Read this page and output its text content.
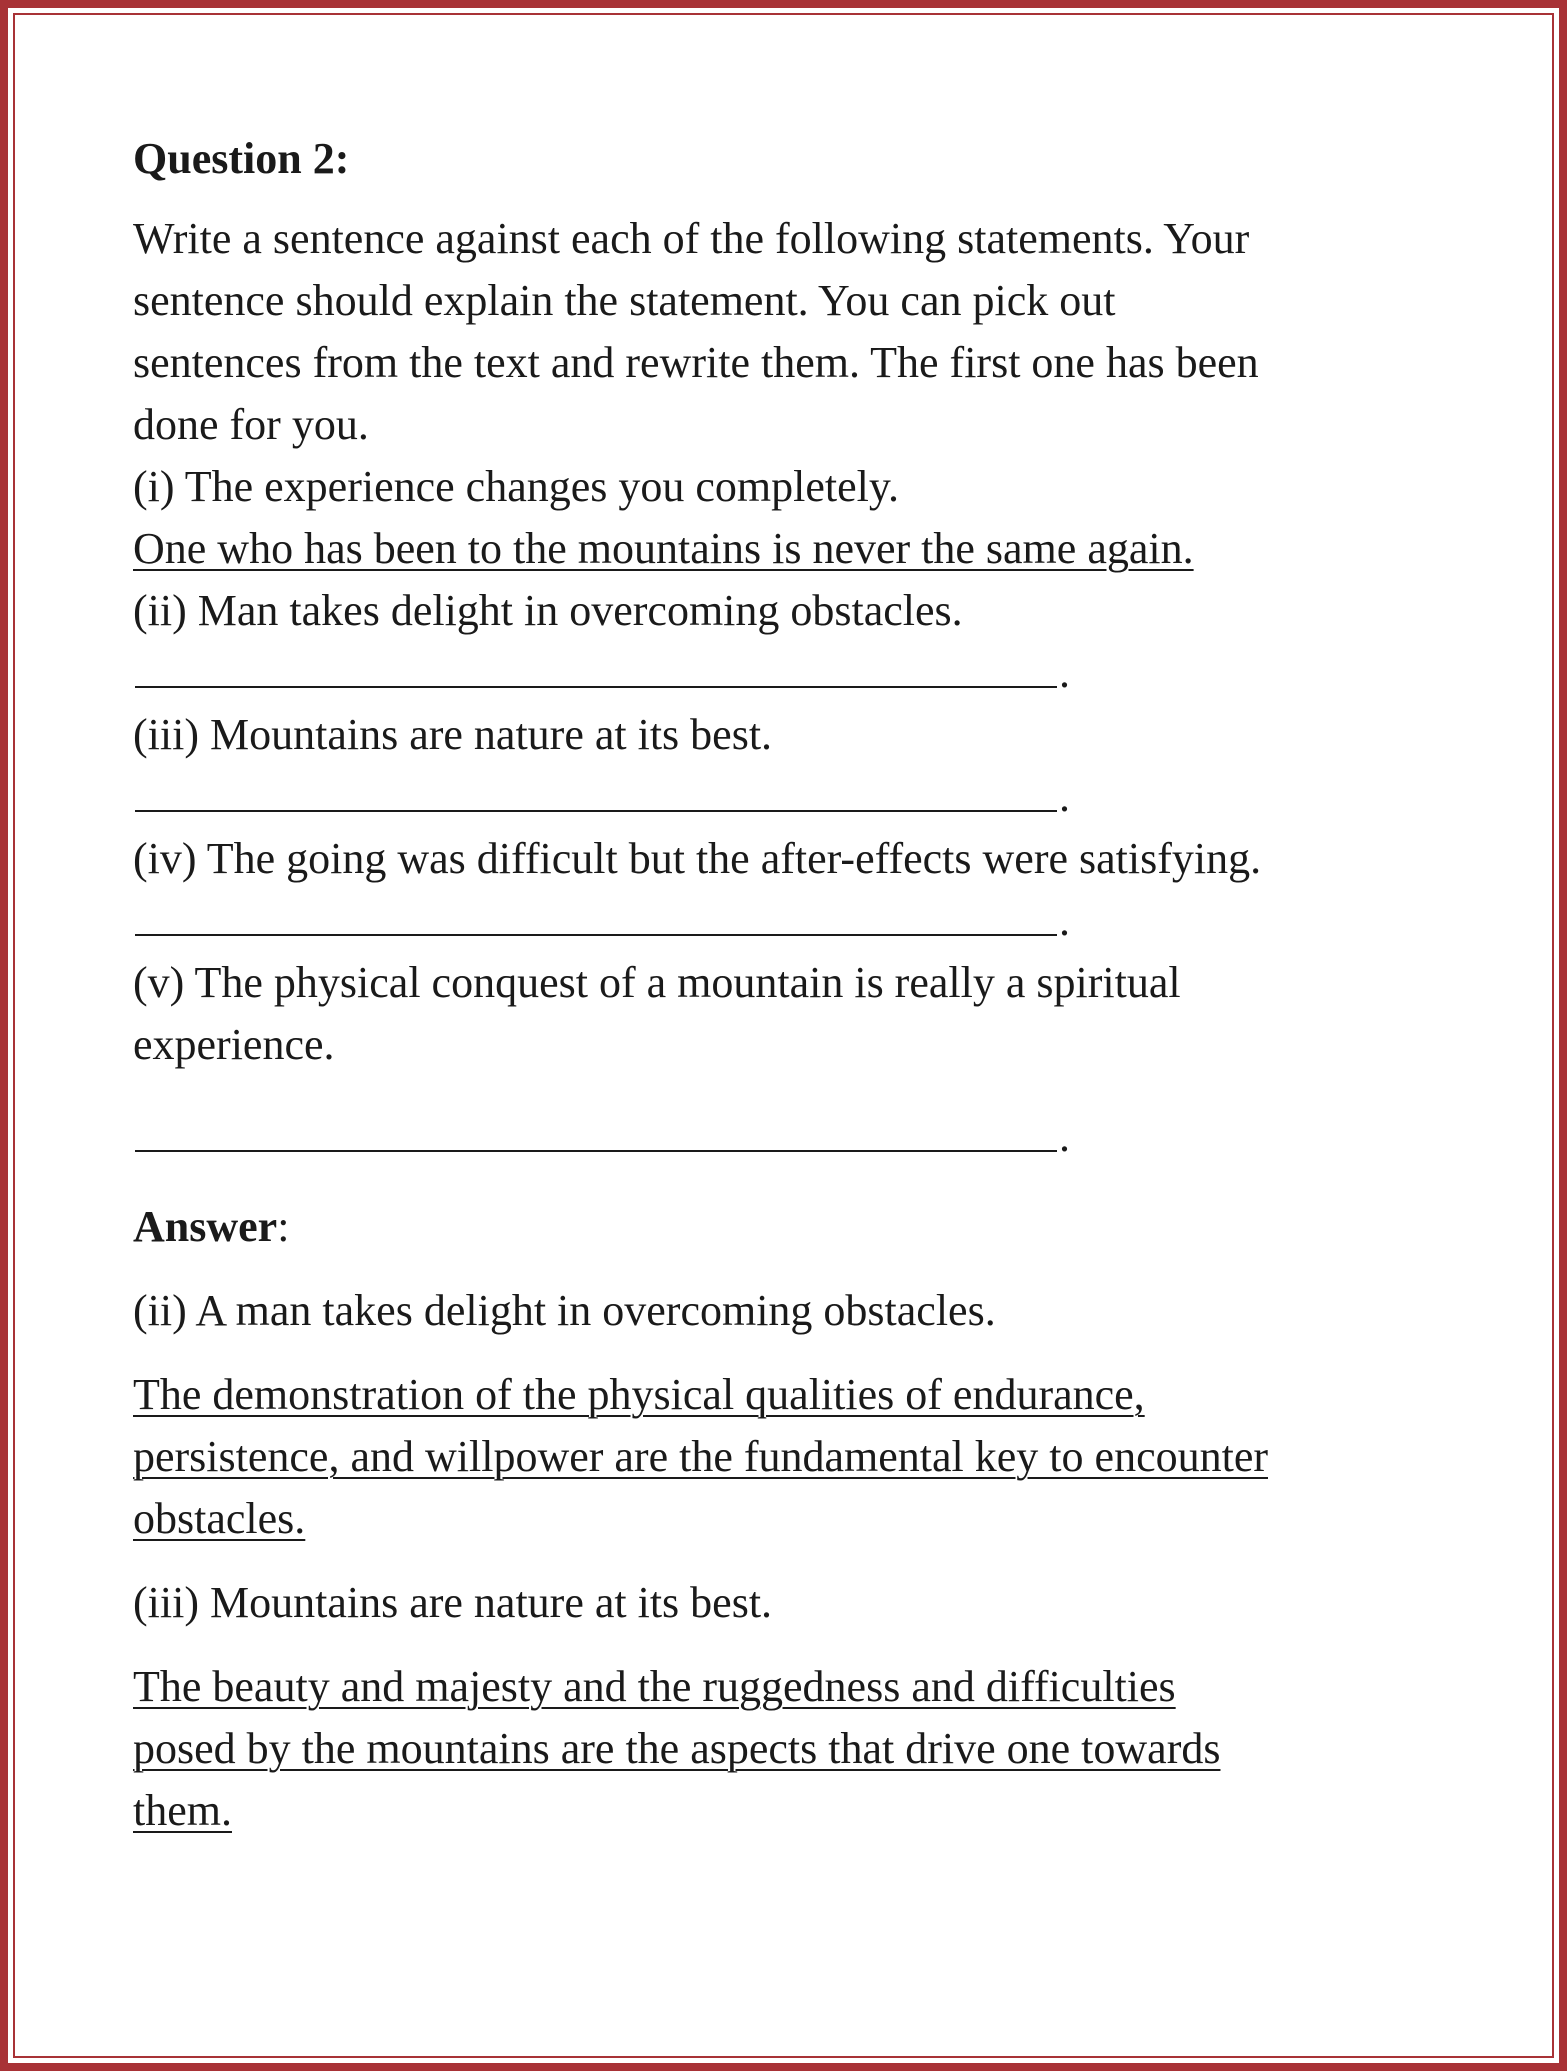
Question 2:
Write a sentence against each of the following statements. Your
sentence should explain the statement. You can pick out
sentences from the text and rewrite them. The first one has been
done for you.
(i) The experience changes you completely.
One who has been to the mountains is never the same again.
(ii) Man takes delight in overcoming obstacles.
.
(iii) Mountains are nature at its best.
.
(iv) The going was difficult but the after-effects were satisfying.
.
(v) The physical conquest of a mountain is really a spiritual
experience.
.
Answer:
(ii) A man takes delight in overcoming obstacles.
The demonstration of the physical qualities of endurance,
persistence, and willpower are the fundamental key to encounter
obstacles.
(iii) Mountains are nature at its best.
The beauty and majesty and the ruggedness and difficulties
posed by the mountains are the aspects that drive one towards
them.
